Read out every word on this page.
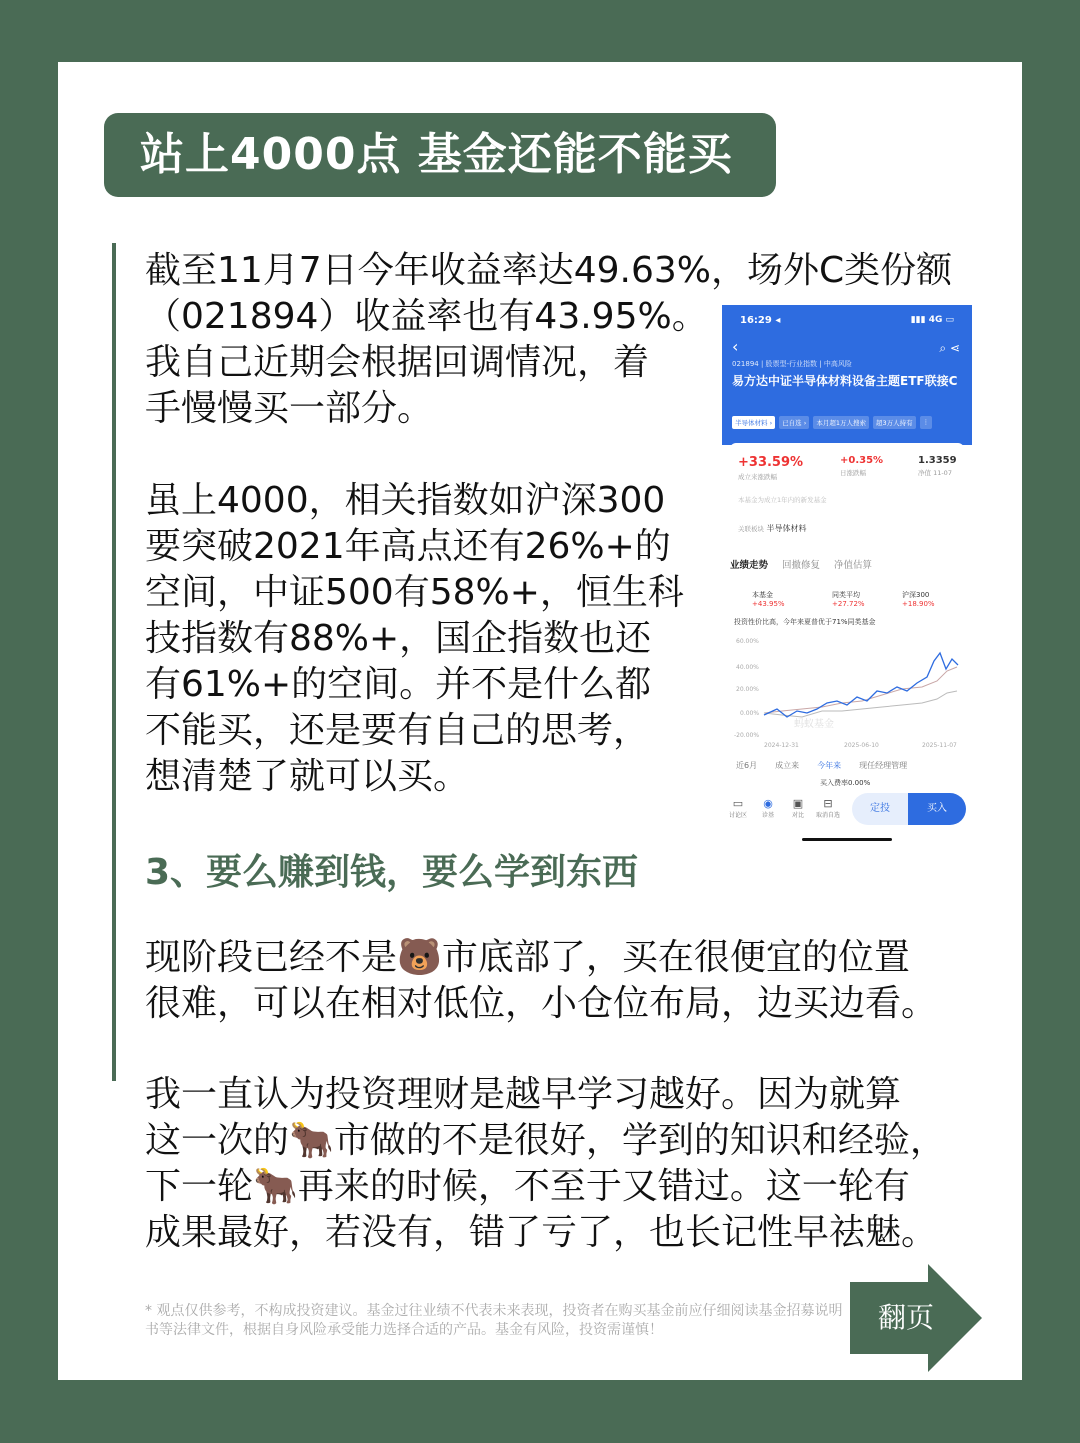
站上4000点 基金还能不能买

截至11月7日今年收益率达49.63%，场外C类份额
（021894）收益率也有43.95%。
我自己近期会根据回调情况，着
手慢慢买一部分。

虽上4000，相关指数如沪深300
要突破2021年高点还有26%+的
空间，中证500有58%+，恒生科
技指数有88%+，国企指数也还
有61%+的空间。并不是什么都
不能买，还是要有自己的思考，
想清楚了就可以买。

3、要么赚到钱，要么学到东西

现阶段已经不是🐻市底部了，买在很便宜的位置
很难，可以在相对低位，小仓位布局，边买边看。

我一直认为投资理财是越早学习越好。因为就算
这一次的🐂市做的不是很好，学到的知识和经验，
下一轮🐂再来的时候，不至于又错过。这一轮有
成果最好，若没有，错了亏了，也长记性早祛魅。

* 观点仅供参考，不构成投资建议。基金过往业绩不代表未来表现，投资者在购买基金前应仔细阅读基金招募说明书等法律文件，根据自身风险承受能力选择合适的产品。基金有风险，投资需谨慎！	翻页
16:29 ◂	▮▮▮ 4G ▭
‹	⌕ ⋖
021894 | 股票型-行业指数 | 中高风险
易方达中证半导体材料设备主题ETF联接C
半导体材料 ›	已自选 ›	本月超1万人搜索	超3万人持有	⋮
+33.59%
成立来涨跌幅
+0.35%
日涨跌幅
1.3359
净值 11-07
本基金为成立1年内的新发基金
关联板块 半导体材料
业绩走势 回撤修复 净值估算
本基金
+43.95%
同类平均
+27.72%
沪深300
+18.90%
投资性价比高，今年来夏普优于71%同类基金
60.00%
40.00%
20.00%
0.00%
-20.00%
2024-12-31	2025-06-10	2025-11-07
蚂蚁基金
近6月 成立来 今年来 现任经理管理
买入费率0.00%
▭
讨论区
◉
诊基
▣
对比
⊟
取消自选
定投	买入
